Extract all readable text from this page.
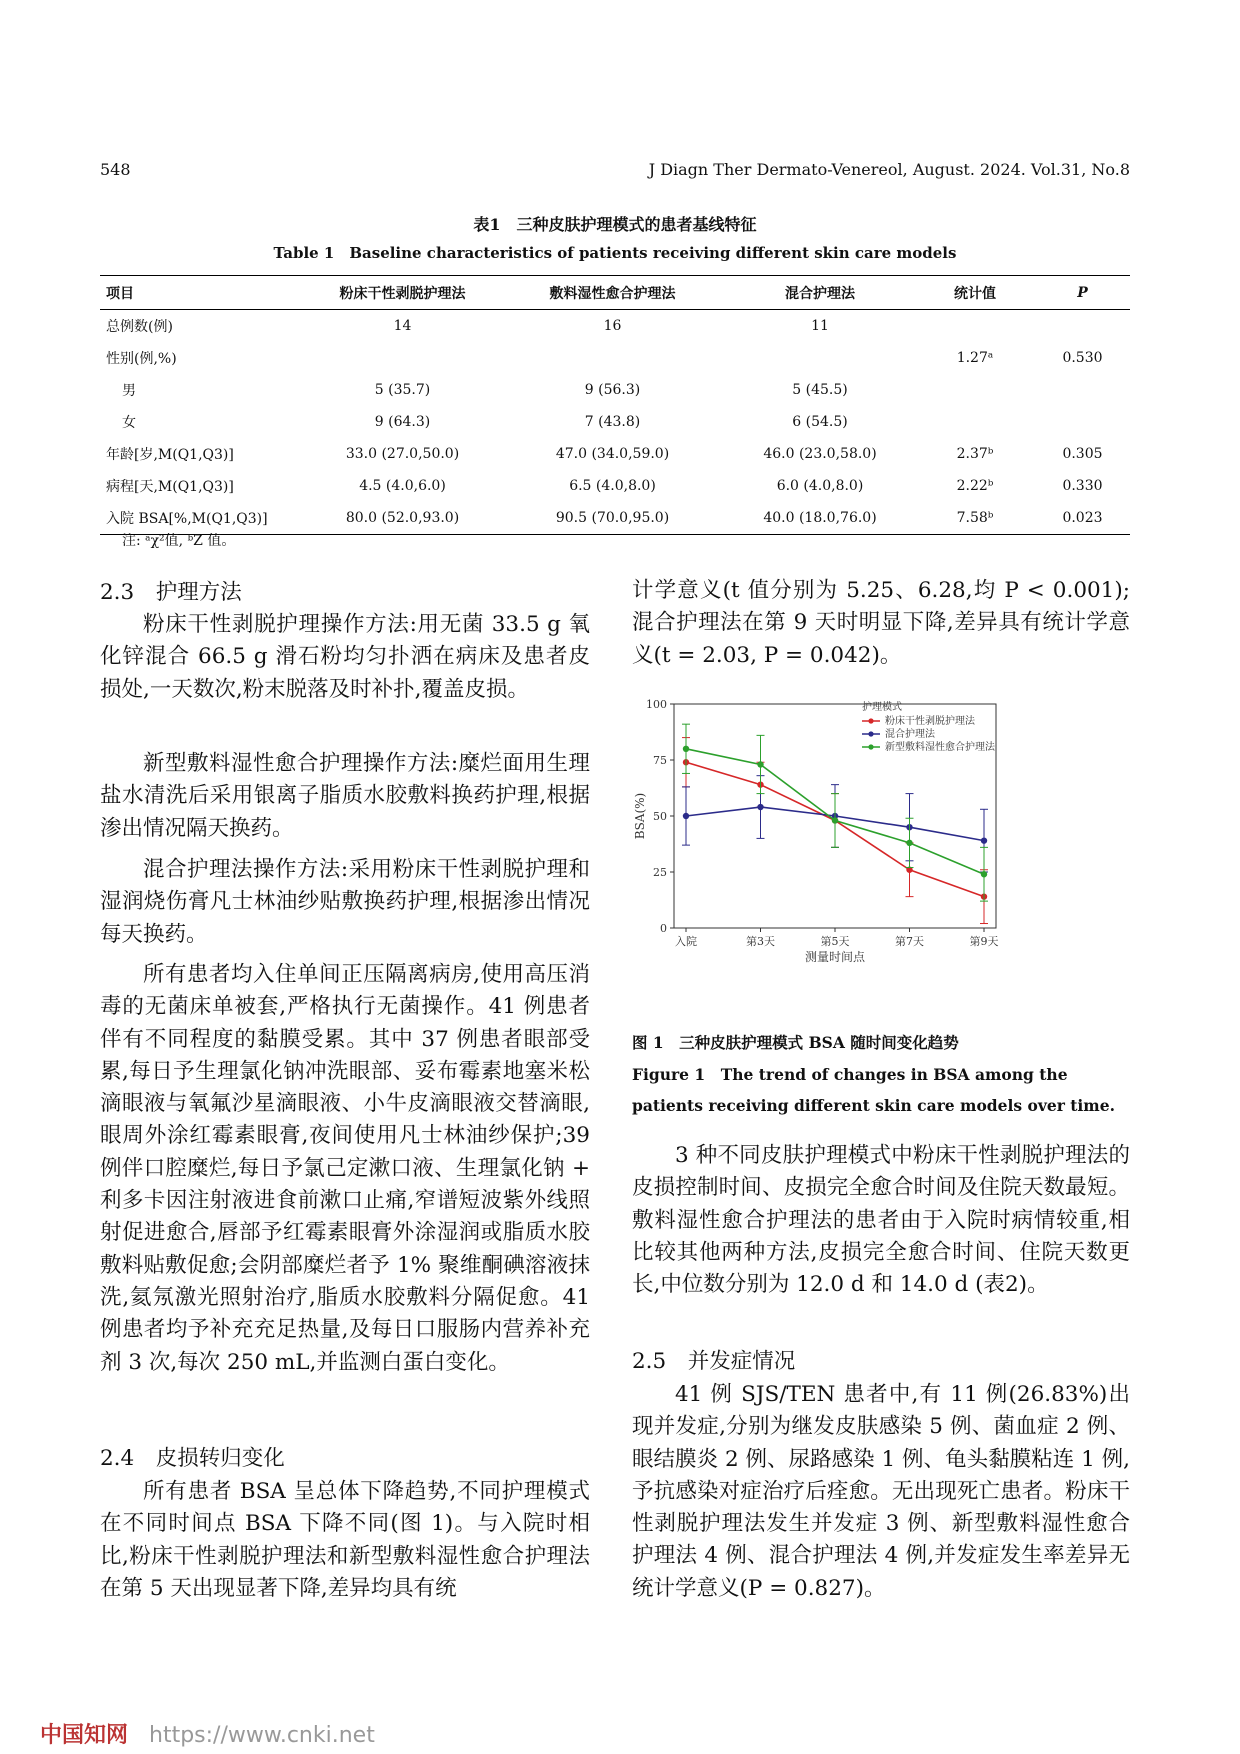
548	J Diagn Ther Dermato-Venereol, August. 2024. Vol.31, No.8
表1　三种皮肤护理模式的患者基线特征
Table 1　Baseline characteristics of patients receiving different skin care models
项目	粉床干性剥脱护理法	敷料湿性愈合护理法	混合护理法	统计值	P
总例数(例)	14	16	11		
性别(例,%)				1.27ᵃ	0.530
男	5 (35.7)	9 (56.3)	5 (45.5)		
女	9 (64.3)	7 (43.8)	6 (54.5)		
年龄[岁,M(Q1,Q3)]	33.0 (27.0,50.0)	47.0 (34.0,59.0)	46.0 (23.0,58.0)	2.37ᵇ	0.305
病程[天,M(Q1,Q3)]	4.5 (4.0,6.0)	6.5 (4.0,8.0)	6.0 (4.0,8.0)	2.22ᵇ	0.330
入院 BSA[%,M(Q1,Q3)]	80.0 (52.0,93.0)	90.5 (70.0,95.0)	40.0 (18.0,76.0)	7.58ᵇ	0.023
注: ᵃχ²值, ᵇZ 值。
2.3　护理方法

粉床干性剥脱护理操作方法:用无菌 33.5 g 氧化锌混合 66.5 g 滑石粉均匀扑洒在病床及患者皮损处,一天数次,粉末脱落及时补扑,覆盖皮损。

新型敷料湿性愈合护理操作方法:糜烂面用生理盐水清洗后采用银离子脂质水胶敷料换药护理,根据渗出情况隔天换药。

混合护理法操作方法:采用粉床干性剥脱护理和湿润烧伤膏凡士林油纱贴敷换药护理,根据渗出情况每天换药。

所有患者均入住单间正压隔离病房,使用高压消毒的无菌床单被套,严格执行无菌操作。41 例患者伴有不同程度的黏膜受累。其中 37 例患者眼部受累,每日予生理氯化钠冲洗眼部、妥布霉素地塞米松滴眼液与氧氟沙星滴眼液、小牛皮滴眼液交替滴眼,眼周外涂红霉素眼膏,夜间使用凡士林油纱保护;39 例伴口腔糜烂,每日予氯己定漱口液、生理氯化钠 + 利多卡因注射液进食前漱口止痛,窄谱短波紫外线照射促进愈合,唇部予红霉素眼膏外涂湿润或脂质水胶敷料贴敷促愈;会阴部糜烂者予 1% 聚维酮碘溶液抹洗,氦氖激光照射治疗,脂质水胶敷料分隔促愈。41 例患者均予补充充足热量,及每日口服肠内营养补充剂 3 次,每次 250 mL,并监测白蛋白变化。

2.4　皮损转归变化

所有患者 BSA 呈总体下降趋势,不同护理模式在不同时间点 BSA 下降不同(图 1)。与入院时相比,粉床干性剥脱护理法和新型敷料湿性愈合护理法在第 5 天出现显著下降,差异均具有统

计学意义(t 值分别为 5.25、6.28,均 P < 0.001);混合护理法在第 9 天时明显下降,差异具有统计学意义(t = 2.03, P = 0.042)。

0
25
50
75
100
入院	第3天	第5天	第7天	第9天
测量时间点
BSA(%)
护理模式
粉床干性剥脱护理法
混合护理法
新型敷料湿性愈合护理法
图 1　三种皮肤护理模式 BSA 随时间变化趋势
Figure 1　The trend of changes in BSA among the patients receiving different skin care models over time.

3 种不同皮肤护理模式中粉床干性剥脱护理法的皮损控制时间、皮损完全愈合时间及住院天数最短。敷料湿性愈合护理法的患者由于入院时病情较重,相比较其他两种方法,皮损完全愈合时间、住院天数更长,中位数分别为 12.0 d 和 14.0 d (表2)。

2.5　并发症情况

41 例 SJS/TEN 患者中,有 11 例(26.83%)出现并发症,分别为继发皮肤感染 5 例、菌血症 2 例、眼结膜炎 2 例、尿路感染 1 例、龟头黏膜粘连 1 例,予抗感染对症治疗后痊愈。无出现死亡患者。粉床干性剥脱护理法发生并发症 3 例、新型敷料湿性愈合护理法 4 例、混合护理法 4 例,并发症发生率差异无统计学意义(P = 0.827)。

中国知网 https://www.cnki.net
